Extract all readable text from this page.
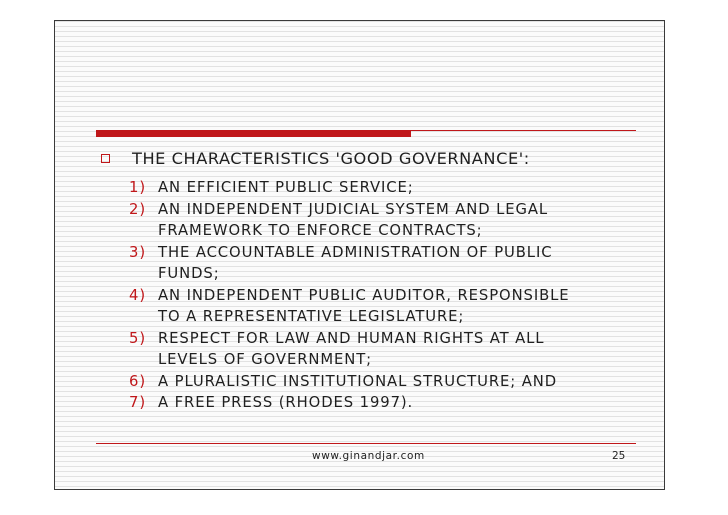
THE CHARACTERISTICS 'GOOD GOVERNANCE':
1) AN EFFICIENT PUBLIC SERVICE;
2) AN INDEPENDENT JUDICIAL SYSTEM AND LEGAL
FRAMEWORK TO ENFORCE CONTRACTS;
3) THE ACCOUNTABLE ADMINISTRATION OF PUBLIC
FUNDS;
4) AN INDEPENDENT PUBLIC AUDITOR, RESPONSIBLE
TO A REPRESENTATIVE LEGISLATURE;
5) RESPECT FOR LAW AND HUMAN RIGHTS AT ALL
LEVELS OF GOVERNMENT;
6) A PLURALISTIC INSTITUTIONAL STRUCTURE; AND
7) A FREE PRESS (RHODES 1997).
www.ginandjar.com	25
